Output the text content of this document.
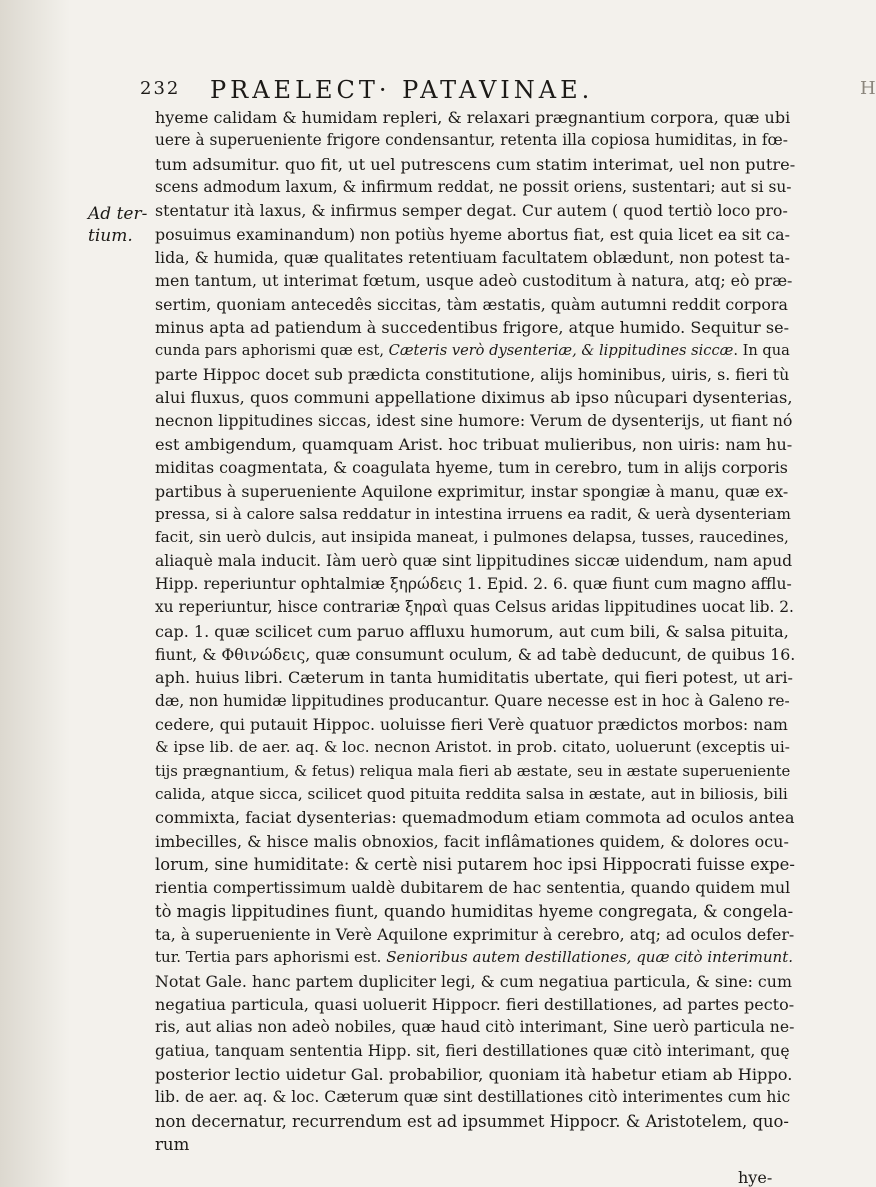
232 PRAELECT· PATAVINAE.	H
Ad ter-
tium.
hyeme calidam & humidam repleri, & relaxari prægnantium corpora, quæ ubi
uere à superueniente frigore condensantur, retenta illa copiosa humiditas, in fœ-
tum adsumitur. quo fit, ut uel putrescens cum statim interimat, uel non putre-
scens admodum laxum, & infirmum reddat, ne possit oriens, sustentari; aut si su-
stentatur ità laxus, & infirmus semper degat. Cur autem ( quod tertiò loco pro-
posuimus examinandum) non potiùs hyeme abortus fiat, est quia licet ea sit ca-
lida, & humida, quæ qualitates retentiuam facultatem oblædunt, non potest ta-
men tantum, ut interimat fœtum, usque adeò custoditum à natura, atq; eò præ-
sertim, quoniam antecedês siccitas, tàm æstatis, quàm autumni reddit corpora
minus apta ad patiendum à succedentibus frigore, atque humido. Sequitur se-
cunda pars aphorismi quæ est, Cæteris verò dysenteriæ, & lippitudines siccæ. In qua
parte Hippoc docet sub prædicta constitutione, alijs hominibus, uiris, s. fieri tù
alui fluxus, quos communi appellatione diximus ab ipso nûcupari dysenterias,
necnon lippitudines siccas, idest sine humore: Verum de dysenterijs, ut fiant nó
est ambigendum, quamquam Arist. hoc tribuat mulieribus, non uiris: nam hu-
miditas coagmentata, & coagulata hyeme, tum in cerebro, tum in alijs corporis
partibus à superueniente Aquilone exprimitur, instar spongiæ à manu, quæ ex-
pressa, si à calore salsa reddatur in intestina irruens ea radit, & uerà dysenteriam
facit, sin uerò dulcis, aut insipida maneat, i pulmones delapsa, tusses, raucedines,
aliaquè mala inducit. Iàm uerò quæ sint lippitudines siccæ uidendum, nam apud
Hipp. reperiuntur ophtalmiæ ξηρώδεις 1. Epid. 2. 6. quæ fiunt cum magno afflu-
xu reperiuntur, hisce contrariæ ξηραὶ quas Celsus aridas lippitudines uocat lib. 2.
cap. 1. quæ scilicet cum paruo affluxu humorum, aut cum bili, & salsa pituita,
fiunt, & Φθινώδεις, quæ consumunt oculum, & ad tabè deducunt, de quibus 16.
aph. huius libri. Cæterum in tanta humiditatis ubertate, qui fieri potest, ut ari-
dæ, non humidæ lippitudines producantur. Quare necesse est in hoc à Galeno re-
cedere, qui putauit Hippoc. uoluisse fieri Verè quatuor prædictos morbos: nam
& ipse lib. de aer. aq. & loc. necnon Aristot. in prob. citato, uoluerunt (exceptis ui-
tijs prægnantium, & fetus) reliqua mala fieri ab æstate, seu in æstate superueniente
calida, atque sicca, scilicet quod pituita reddita salsa in æstate, aut in biliosis, bili
commixta, faciat dysenterias: quemadmodum etiam commota ad oculos antea
imbecilles, & hisce malis obnoxios, facit inflâmationes quidem, & dolores ocu-
lorum, sine humiditate: & certè nisi putarem hoc ipsi Hippocrati fuisse expe-
rientia compertissimum ualdè dubitarem de hac sententia, quando quidem mul
tò magis lippitudines fiunt, quando humiditas hyeme congregata, & congela-
ta, à superueniente in Verè Aquilone exprimitur à cerebro, atq; ad oculos defer-
tur. Tertia pars aphorismi est. Senioribus autem destillationes, quæ citò interimunt.
Notat Gale. hanc partem dupliciter legi, & cum negatiua particula, & sine: cum
negatiua particula, quasi uoluerit Hippocr. fieri destillationes, ad partes pecto-
ris, aut alias non adeò nobiles, quæ haud citò interimant, Sine uerò particula ne-
gatiua, tanquam sententia Hipp. sit, fieri destillationes quæ citò interimant, quę
posterior lectio uidetur Gal. probabilior, quoniam ità habetur etiam ab Hippo.
lib. de aer. aq. & loc. Cæterum quæ sint destillationes citò interimentes cum hic
non decernatur, recurrendum est ad ipsummet Hippocr. & Aristotelem, quo-
rum
hye-
